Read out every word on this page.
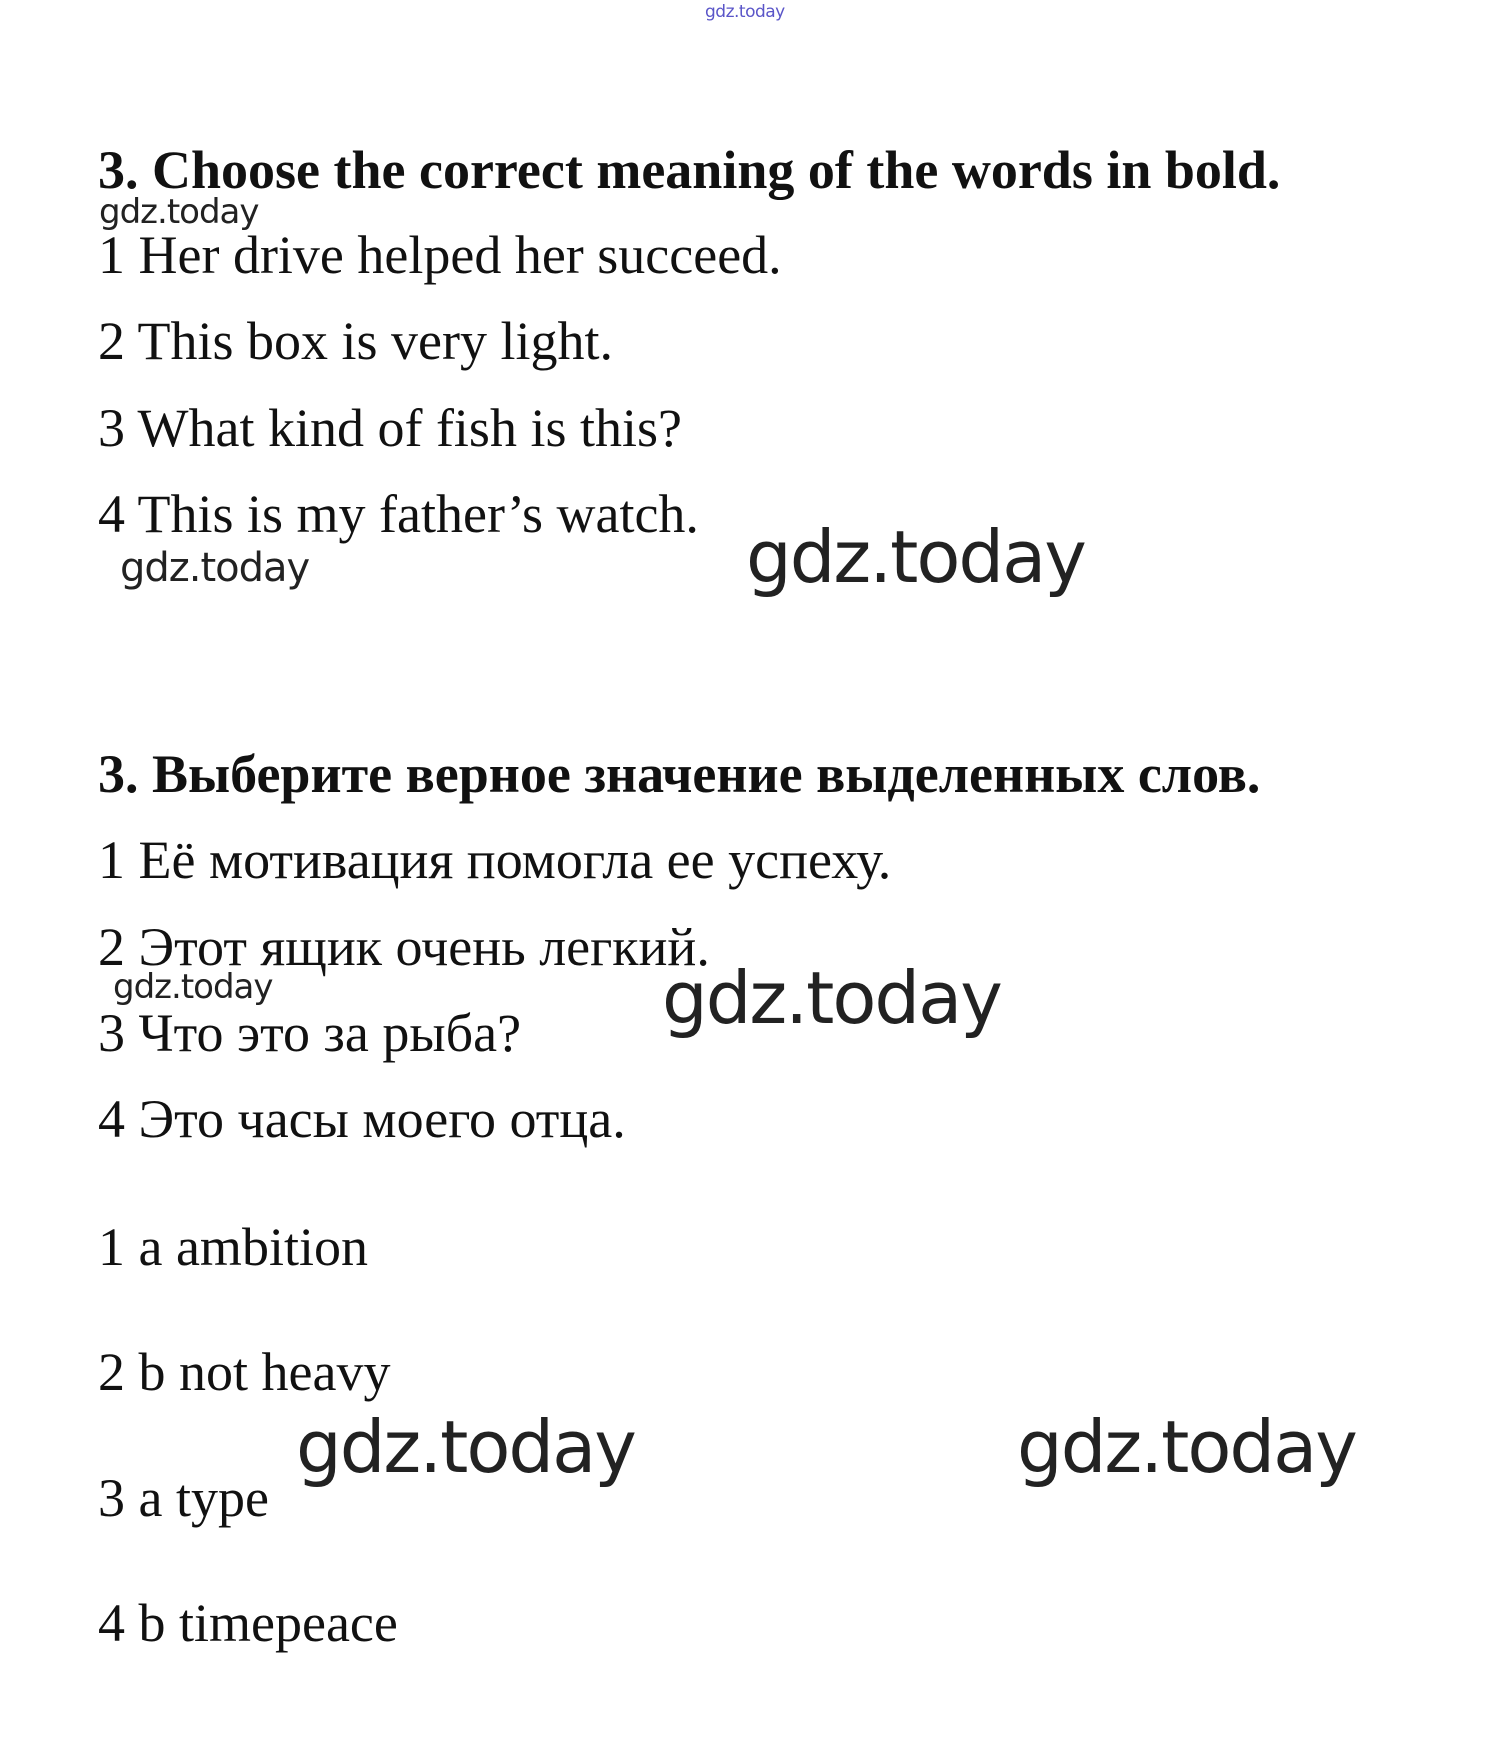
gdz.today
3. Choose the correct meaning of the words in bold.

1 Her drive helped her succeed.

2 This box is very light.

3 What kind of fish is this?

4 This is my father’s watch.

3. Выберите верное значение выделенных слов.

1 Её мотивация помогла ее успеху.

2 Этот ящик очень легкий.

3 Что это за рыба?

4 Это часы моего отца.

1 a ambition

2 b not heavy

3 a type

4 b timepeace

gdz.today
gdz.today	gdz.today
gdz.today	gdz.today
gdz.today	gdz.today
